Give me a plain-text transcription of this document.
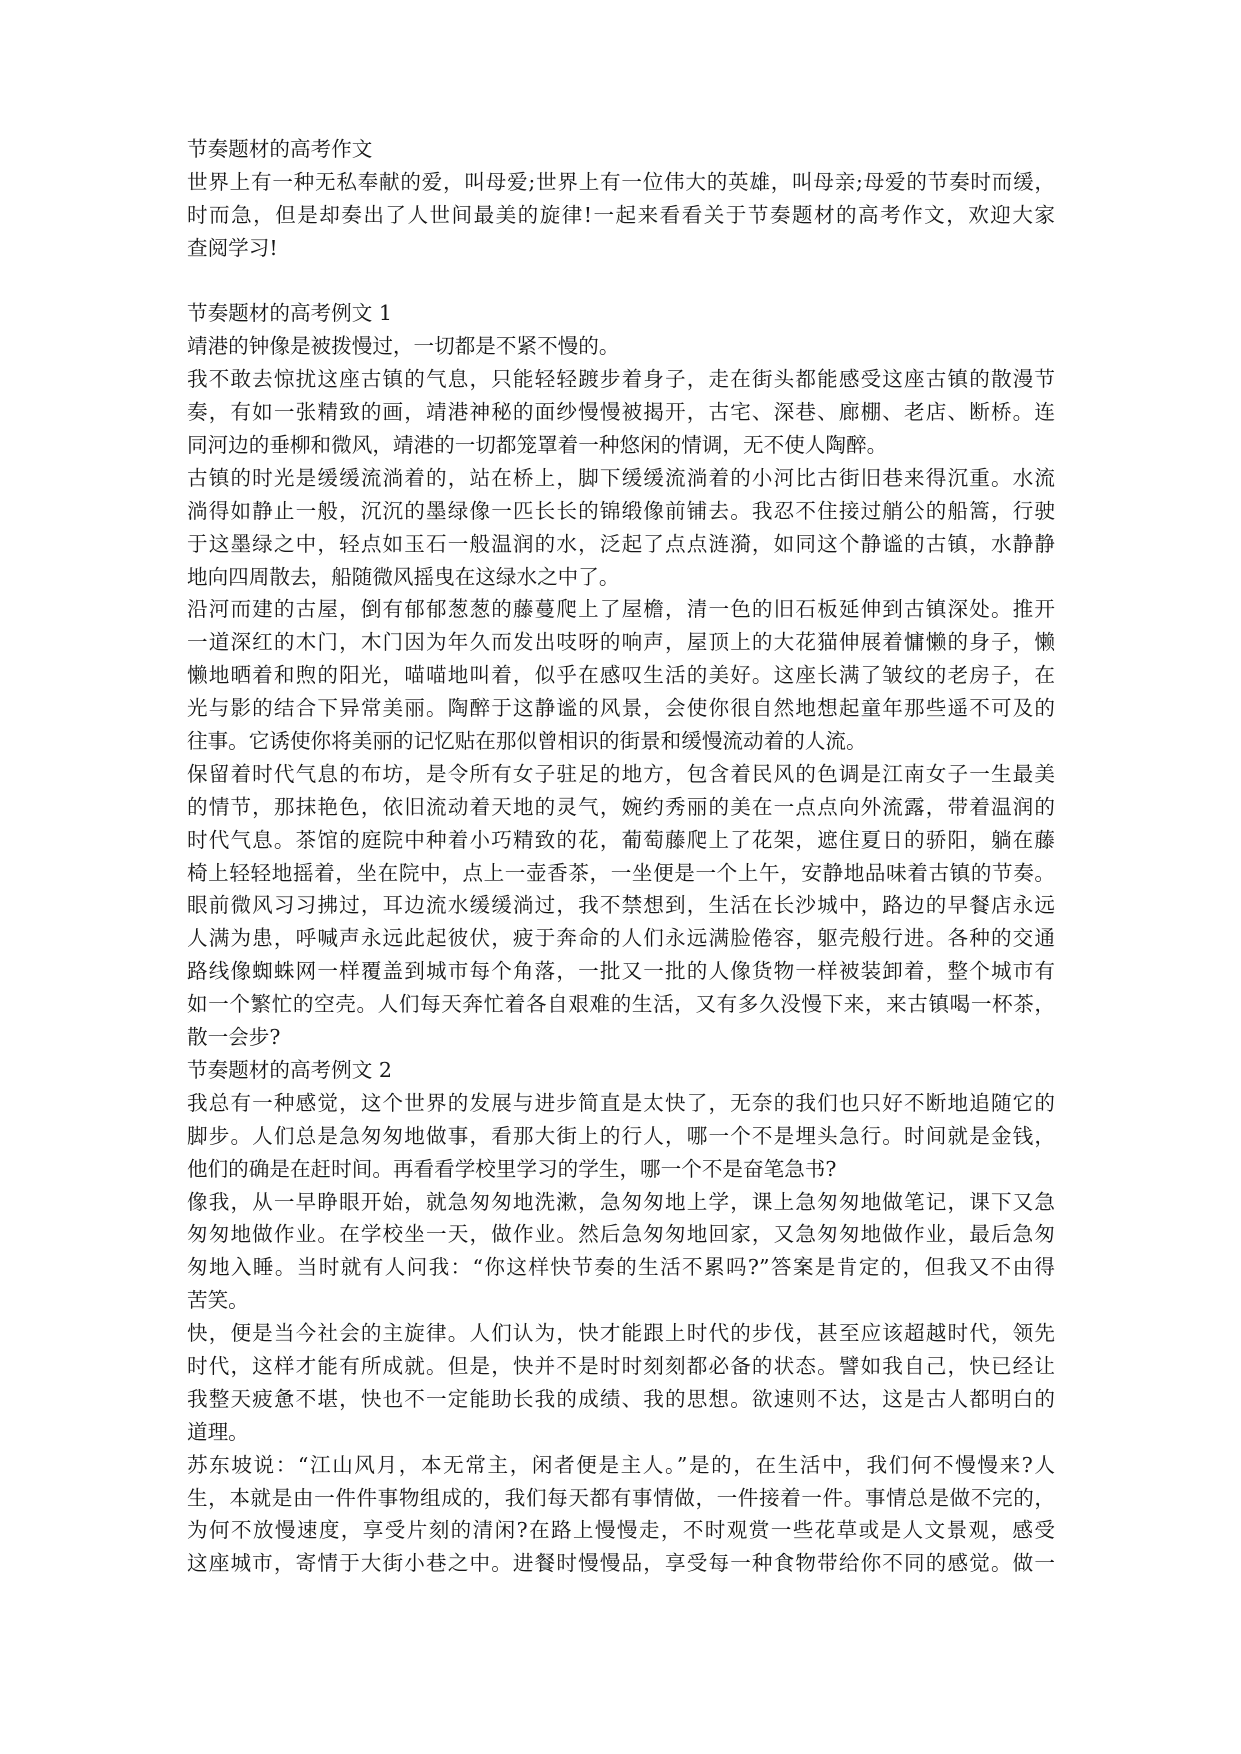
节奏题材的高考作文
世界上有一种无私奉献的爱，叫母爱;世界上有一位伟大的英雄，叫母亲;母爱的节奏时而缓，
时而急，但是却奏出了人世间最美的旋律!一起来看看关于节奏题材的高考作文，欢迎大家
查阅学习!
节奏题材的高考例文 1
靖港的钟像是被拨慢过，一切都是不紧不慢的。
我不敢去惊扰这座古镇的气息，只能轻轻踱步着身子，走在街头都能感受这座古镇的散漫节
奏，有如一张精致的画，靖港神秘的面纱慢慢被揭开，古宅、深巷、廊棚、老店、断桥。连
同河边的垂柳和微风，靖港的一切都笼罩着一种悠闲的情调，无不使人陶醉。
古镇的时光是缓缓流淌着的，站在桥上，脚下缓缓流淌着的小河比古街旧巷来得沉重。水流
淌得如静止一般，沉沉的墨绿像一匹长长的锦缎像前铺去。我忍不住接过艄公的船篙，行驶
于这墨绿之中，轻点如玉石一般温润的水，泛起了点点涟漪，如同这个静谧的古镇，水静静
地向四周散去，船随微风摇曳在这绿水之中了。
沿河而建的古屋，倒有郁郁葱葱的藤蔓爬上了屋檐，清一色的旧石板延伸到古镇深处。推开
一道深红的木门，木门因为年久而发出吱呀的响声，屋顶上的大花猫伸展着慵懒的身子，懒
懒地晒着和煦的阳光，喵喵地叫着，似乎在感叹生活的美好。这座长满了皱纹的老房子，在
光与影的结合下异常美丽。陶醉于这静谧的风景，会使你很自然地想起童年那些遥不可及的
往事。它诱使你将美丽的记忆贴在那似曾相识的街景和缓慢流动着的人流。
保留着时代气息的布坊，是令所有女子驻足的地方，包含着民风的色调是江南女子一生最美
的情节，那抹艳色，依旧流动着天地的灵气，婉约秀丽的美在一点点向外流露，带着温润的
时代气息。茶馆的庭院中种着小巧精致的花，葡萄藤爬上了花架，遮住夏日的骄阳，躺在藤
椅上轻轻地摇着，坐在院中，点上一壶香茶，一坐便是一个上午，安静地品味着古镇的节奏。
眼前微风习习拂过，耳边流水缓缓淌过，我不禁想到，生活在长沙城中，路边的早餐店永远
人满为患，呼喊声永远此起彼伏，疲于奔命的人们永远满脸倦容，躯壳般行进。各种的交通
路线像蜘蛛网一样覆盖到城市每个角落，一批又一批的人像货物一样被装卸着，整个城市有
如一个繁忙的空壳。人们每天奔忙着各自艰难的生活，又有多久没慢下来，来古镇喝一杯茶，
散一会步?
节奏题材的高考例文 2
我总有一种感觉，这个世界的发展与进步简直是太快了，无奈的我们也只好不断地追随它的
脚步。人们总是急匆匆地做事，看那大街上的行人，哪一个不是埋头急行。时间就是金钱，
他们的确是在赶时间。再看看学校里学习的学生，哪一个不是奋笔急书?
像我，从一早睁眼开始，就急匆匆地洗漱，急匆匆地上学，课上急匆匆地做笔记，课下又急
匆匆地做作业。在学校坐一天，做作业。然后急匆匆地回家，又急匆匆地做作业，最后急匆
匆地入睡。当时就有人问我：“你这样快节奏的生活不累吗?”答案是肯定的，但我又不由得
苦笑。
快，便是当今社会的主旋律。人们认为，快才能跟上时代的步伐，甚至应该超越时代，领先
时代，这样才能有所成就。但是，快并不是时时刻刻都必备的状态。譬如我自己，快已经让
我整天疲惫不堪，快也不一定能助长我的成绩、我的思想。欲速则不达，这是古人都明白的
道理。
苏东坡说：“江山风月，本无常主，闲者便是主人。”是的，在生活中，我们何不慢慢来?人
生，本就是由一件件事物组成的，我们每天都有事情做，一件接着一件。事情总是做不完的，
为何不放慢速度，享受片刻的清闲?在路上慢慢走，不时观赏一些花草或是人文景观，感受
这座城市，寄情于大街小巷之中。进餐时慢慢品，享受每一种食物带给你不同的感觉。做一
